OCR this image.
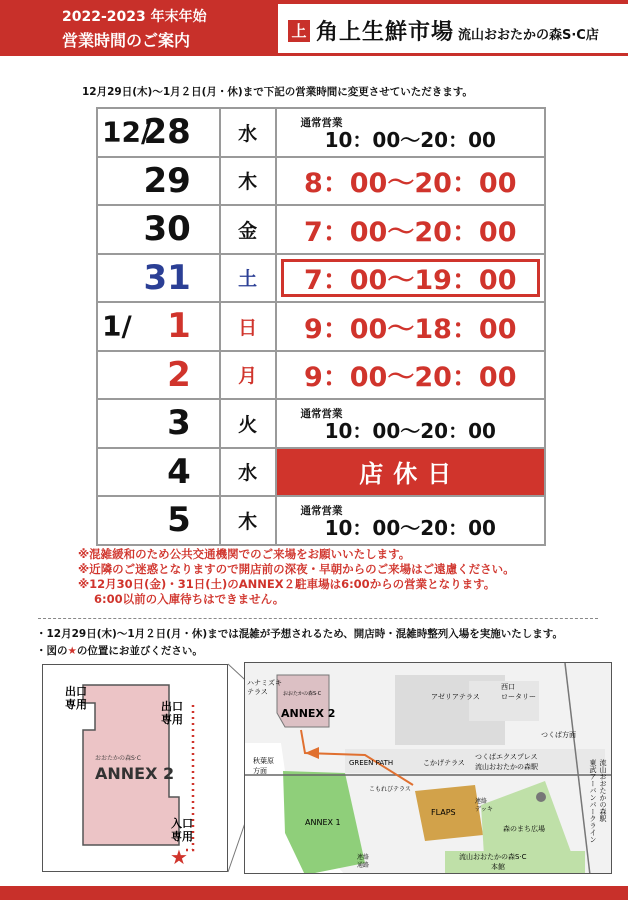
2022-2023 年末年始
営業時間のご案内	上 角上生鮮市場 流山おおたかの森S·C店
12月29日(木)～1月２日(月・休)まで下記の営業時間に変更させていただきます。
12/
28	水	通常営業
10：00～20：00

29	木	8：00～20：00

30	金	7：00～20：00

31	土	7：00～19：00

1/ 1	日	9：00～18：00

2	月	9：00～20：00

3	火	通常営業
10：00～20：00

4	水	店休日

5	木	通常営業
10：00～20：00

※混雑緩和のため公共交通機関でのご来場をお願いいたします。

※近隣のご迷惑となりますので開店前の深夜・早朝からのご来場はご遠慮ください。

※12月30日(金)・31日(土)のANNEX２駐車場は6:00からの営業となります。

6:00以前の入庫待ちはできません。

・12月29日(木)～1月２日(月・休)までは混雑が予想されるため、開店時・混雑時整列入場を実施いたします。

・図の★の位置にお並びください。

出口
専用	出口
専用
おおたかの森S·C
ANNEX 2
入口
専用
★
ハナミズキ
テラス	おおたかの森S·C
ANNEX 2
アゼリアテラス
西口
ロータリー
つくば方面
GREEN PATH	こかげテラス
つくばエクスプレス
流山おおたかの森駅
秋葉原
方面
こもれびテラス
FLAPS
連絡
デッキ
森のまち広場
ANNEX 1
連絡
通路
流山おおたかの森S·C
本館
東武アーバンパークライン 流山おおたかの森駅
